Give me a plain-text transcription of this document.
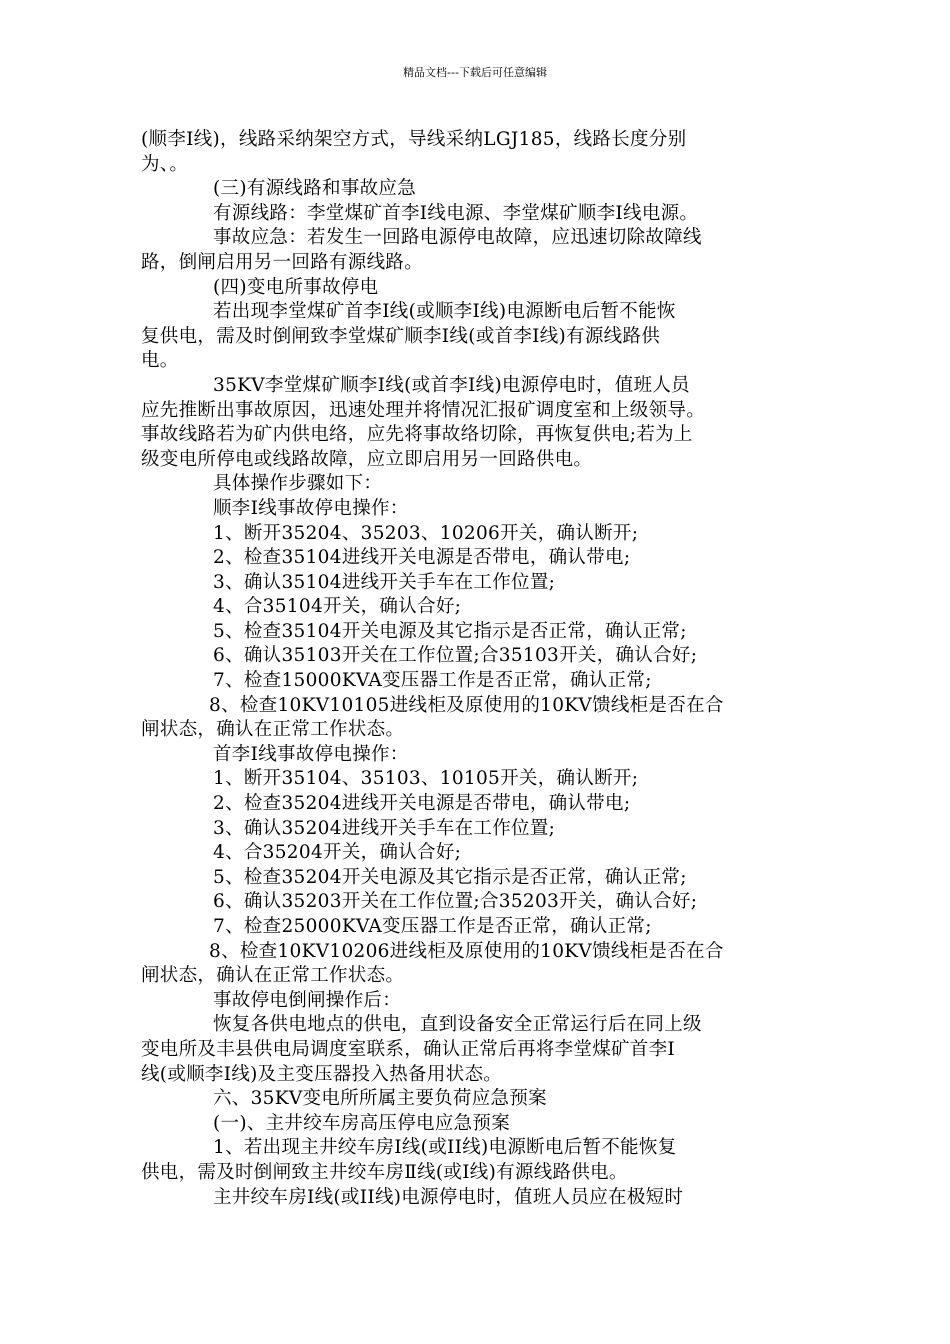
精品文档---下载后可任意编辑
(顺李Ⅰ线)，线路采纳架空方式，导线采纳LGJ185，线路长度分别
为、。
(三)有源线路和事故应急
有源线路：李堂煤矿首李Ⅰ线电源、李堂煤矿顺李Ⅰ线电源。
事故应急：若发生一回路电源停电故障，应迅速切除故障线
路，倒闸启用另一回路有源线路。
(四)变电所事故停电
若出现李堂煤矿首李Ⅰ线(或顺李Ⅰ线)电源断电后暂不能恢
复供电，需及时倒闸致李堂煤矿顺李Ⅰ线(或首李Ⅰ线)有源线路供
电。
35KV李堂煤矿顺李Ⅰ线(或首李Ⅰ线)电源停电时，值班人员
应先推断出事故原因，迅速处理并将情况汇报矿调度室和上级领导。
事故线路若为矿内供电络，应先将事故络切除，再恢复供电;若为上
级变电所停电或线路故障，应立即启用另一回路供电。
具体操作步骤如下：
顺李Ⅰ线事故停电操作：
1、断开35204、35203、10206开关，确认断开;
2、检查35104进线开关电源是否带电，确认带电;
3、确认35104进线开关手车在工作位置;
4、合35104开关，确认合好;
5、检查35104开关电源及其它指示是否正常，确认正常;
6、确认35103开关在工作位置;合35103开关，确认合好;
7、检查15000KVA变压器工作是否正常，确认正常;
8、检查10KV10105进线柜及原使用的10KV馈线柜是否在合
闸状态，确认在正常工作状态。
首李Ⅰ线事故停电操作：
1、断开35104、35103、10105开关，确认断开;
2、检查35204进线开关电源是否带电，确认带电;
3、确认35204进线开关手车在工作位置;
4、合35204开关，确认合好;
5、检查35204开关电源及其它指示是否正常，确认正常;
6、确认35203开关在工作位置;合35203开关，确认合好;
7、检查25000KVA变压器工作是否正常，确认正常;
8、检查10KV10206进线柜及原使用的10KV馈线柜是否在合
闸状态，确认在正常工作状态。
事故停电倒闸操作后：
恢复各供电地点的供电，直到设备安全正常运行后在同上级
变电所及丰县供电局调度室联系，确认正常后再将李堂煤矿首李Ⅰ
线(或顺李Ⅰ线)及主变压器投入热备用状态。
六、35KV变电所所属主要负荷应急预案
(一)、主井绞车房高压停电应急预案
1、若出现主井绞车房Ⅰ线(或ⅠⅠ线)电源断电后暂不能恢复
供电，需及时倒闸致主井绞车房Ⅱ线(或Ⅰ线)有源线路供电。
主井绞车房Ⅰ线(或ⅠⅠ线)电源停电时，值班人员应在极短时
